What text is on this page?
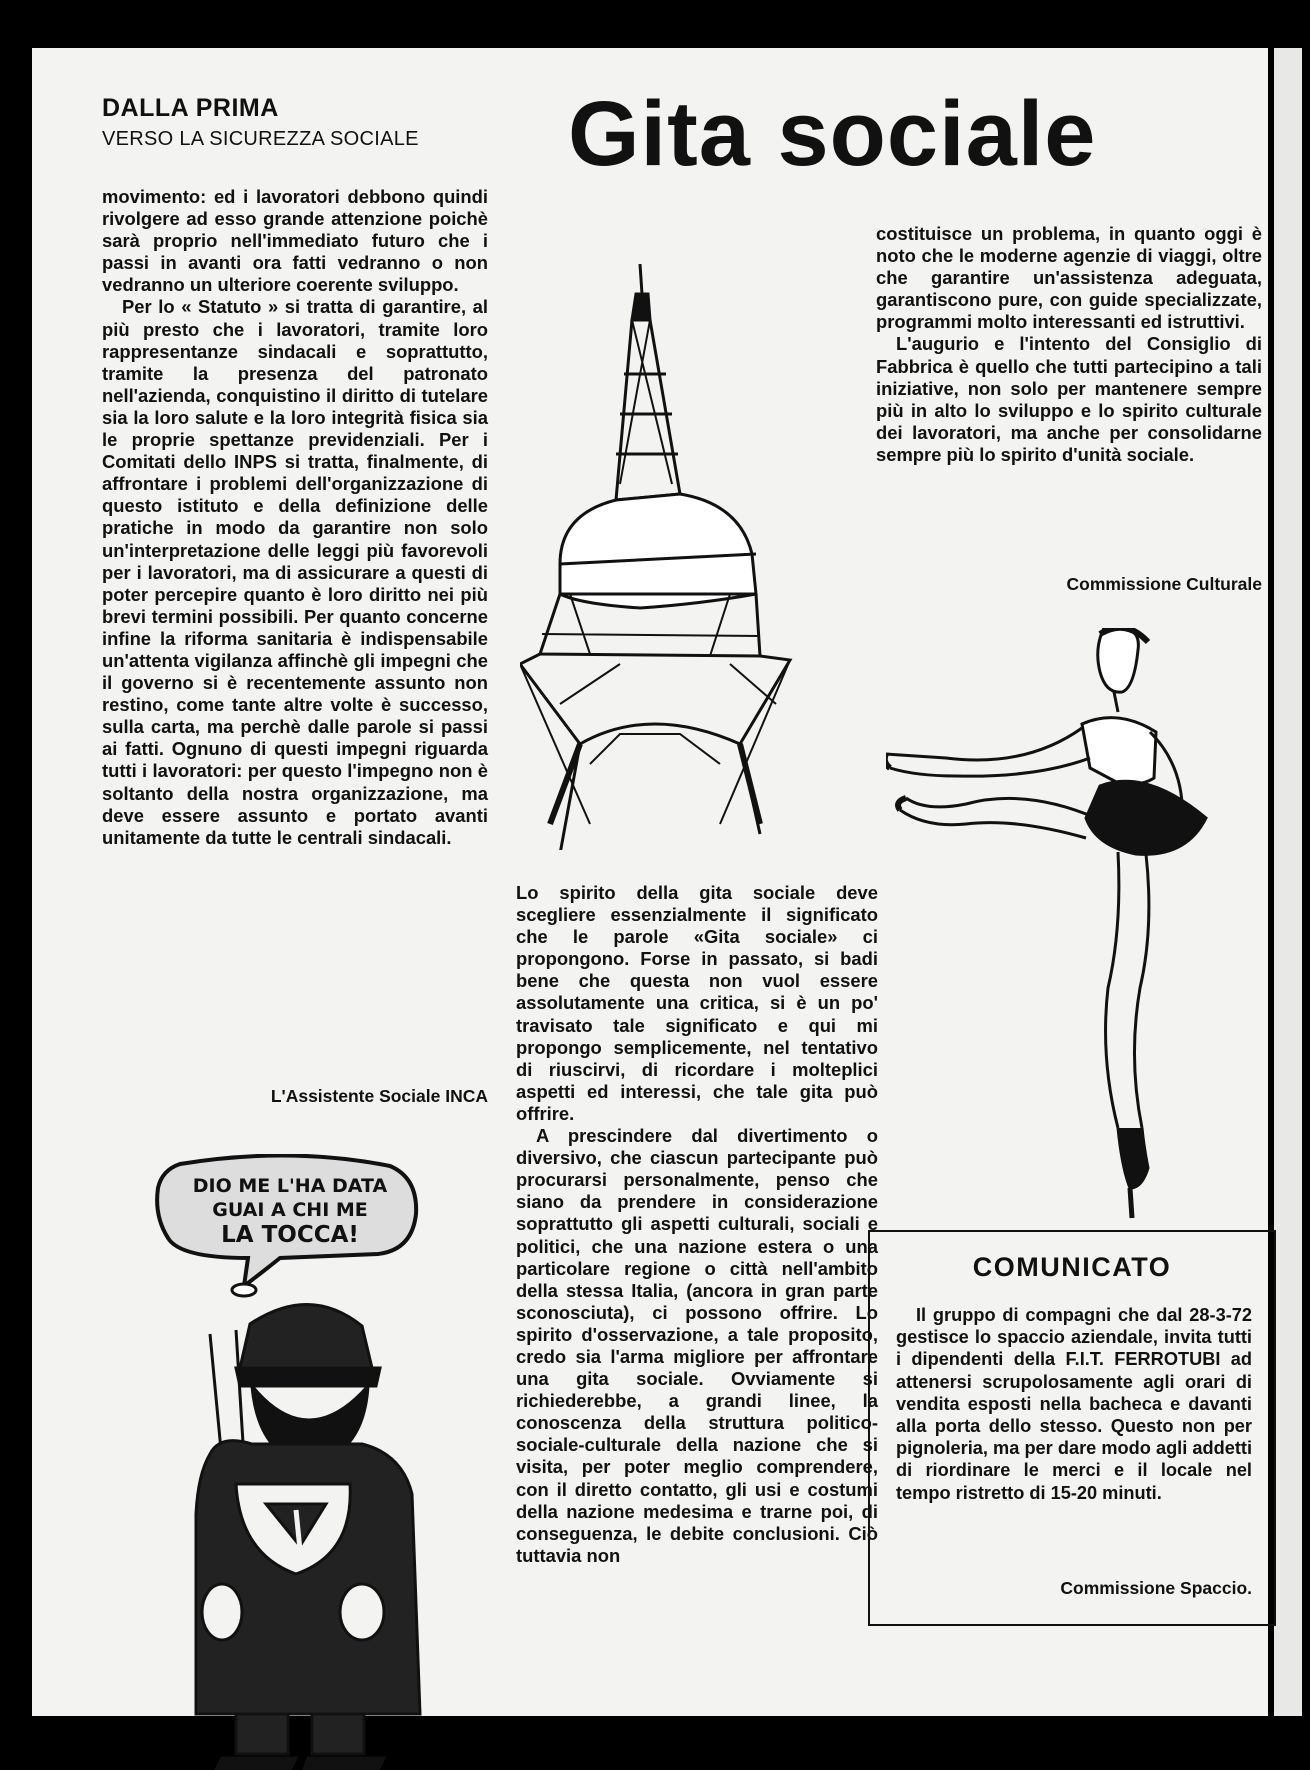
DALLA PRIMA
VERSO LA SICUREZZA SOCIALE Gita sociale

movimento: ed i lavoratori debbono quindi rivolgere ad esso grande attenzione poichè sarà proprio nell'immediato futuro che i passi in avanti ora fatti vedranno o non vedranno un ulteriore coerente sviluppo.

Per lo « Statuto » si tratta di garantire, al più presto che i lavoratori, tramite loro rappresentanze sindacali e soprattutto, tramite la presenza del patronato nell'azienda, conquistino il diritto di tutelare sia la loro salute e la loro integrità fisica sia le proprie spettanze previdenziali. Per i Comitati dello INPS si tratta, finalmente, di affrontare i problemi dell'organizzazione di questo istituto e della definizione delle pratiche in modo da garantire non solo un'interpretazione delle leggi più favorevoli per i lavoratori, ma di assicurare a questi di poter percepire quanto è loro diritto nei più brevi termini possibili. Per quanto concerne infine la riforma sanitaria è indispensabile un'attenta vigilanza affinchè gli impegni che il governo si è recentemente assunto non restino, come tante altre volte è successo, sulla carta, ma perchè dalle parole si passi ai fatti. Ognuno di questi impegni riguarda tutti i lavoratori: per questo l'impegno non è soltanto della nostra organizzazione, ma deve essere assunto e portato avanti unitamente da tutte le centrali sindacali.

L'Assistente Sociale INCA
DIO ME L'HA DATA
GUAI A CHI ME
LA TOCCA!

Lo spirito della gita sociale deve scegliere essenzialmente il significato che le parole «Gita sociale» ci propongono. Forse in passato, si badi bene che questa non vuol essere assolutamente una critica, si è un po' travisato tale significato e qui mi propongo semplicemente, nel tentativo di riuscirvi, di ricordare i molteplici aspetti ed interessi, che tale gita può offrire.

A prescindere dal divertimento o diversivo, che ciascun partecipante può procurarsi personalmente, penso che siano da prendere in considerazione soprattutto gli aspetti culturali, sociali e politici, che una nazione estera o una particolare regione o città nell'ambito della stessa Italia, (ancora in gran parte sconosciuta), ci possono offrire. Lo spirito d'osservazione, a tale proposito, credo sia l'arma migliore per affrontare una gita sociale. Ovviamente si richiederebbe, a grandi linee, la conoscenza della struttura politico-sociale-culturale della nazione che si visita, per poter meglio comprendere, con il diretto contatto, gli usi e costumi della nazione medesima e trarne poi, di conseguenza, le debite conclusioni. Ciò tuttavia non

costituisce un problema, in quanto oggi è noto che le moderne agenzie di viaggi, oltre che garantire un'assistenza adeguata, garantiscono pure, con guide specializzate, programmi molto interessanti ed istruttivi.

L'augurio e l'intento del Consiglio di Fabbrica è quello che tutti partecipino a tali iniziative, non solo per mantenere sempre più in alto lo sviluppo e lo spirito culturale dei lavoratori, ma anche per consolidarne sempre più lo spirito d'unità sociale.

Commissione Culturale
COMUNICATO
Il gruppo di compagni che dal 28-3-72 gestisce lo spaccio aziendale, invita tutti i dipendenti della F.I.T. FERROTUBI ad attenersi scrupolosamente agli orari di vendita esposti nella bacheca e davanti alla porta dello stesso. Questo non per pignoleria, ma per dare modo agli addetti di riordinare le merci e il locale nel tempo ristretto di 15-20 minuti.
Commissione Spaccio.
